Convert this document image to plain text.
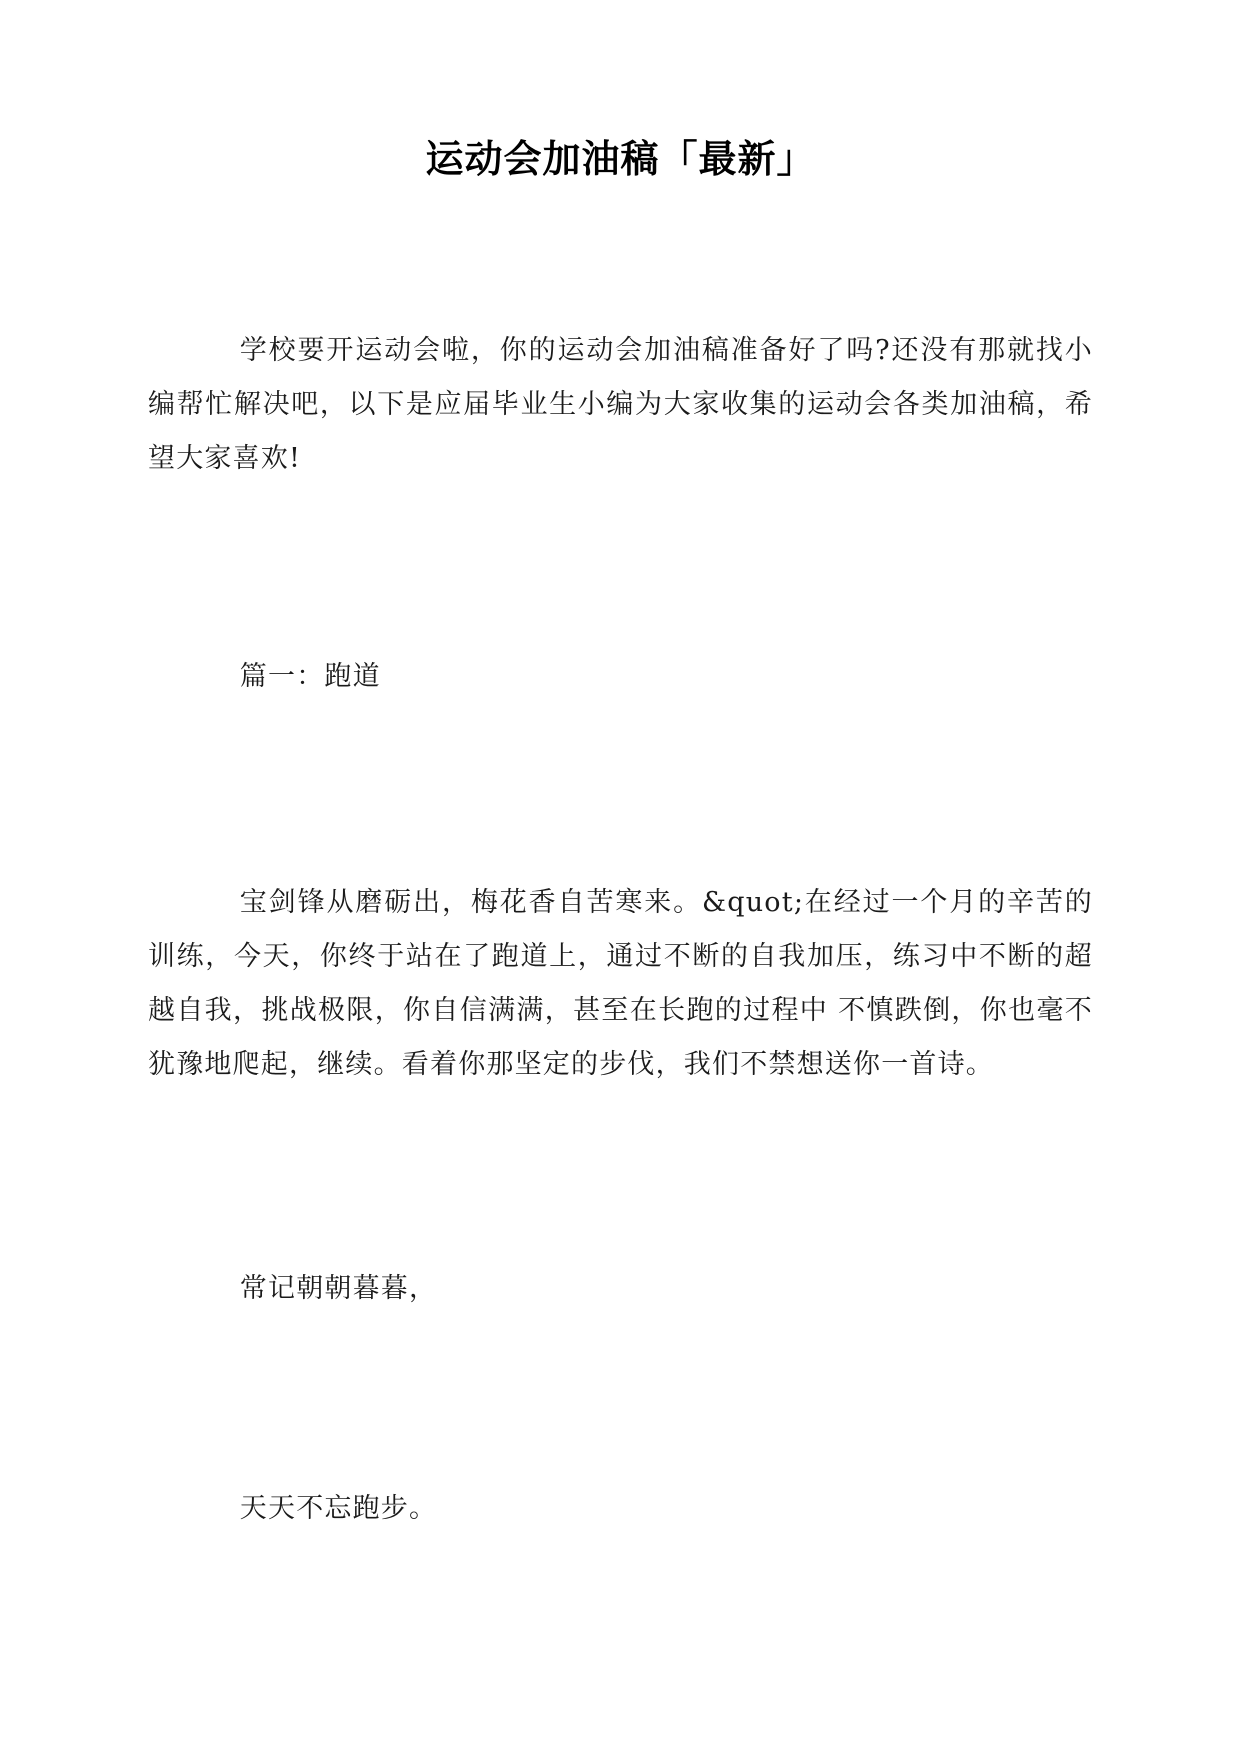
运动会加油稿「最新」

学校要开运动会啦，你的运动会加油稿准备好了吗?还没有那就找小编帮忙解决吧，以下是应届毕业生小编为大家收集的运动会各类加油稿，希望大家喜欢!

篇一：跑道

宝剑锋从磨砺出，梅花香自苦寒来。&quot;在经过一个月的辛苦的训练，今天，你终于站在了跑道上，通过不断的自我加压，练习中不断的超越自我，挑战极限，你自信满满，甚至在长跑的过程中 不慎跌倒，你也毫不犹豫地爬起，继续。看着你那坚定的步伐，我们不禁想送你一首诗。

常记朝朝暮暮，

天天不忘跑步。
